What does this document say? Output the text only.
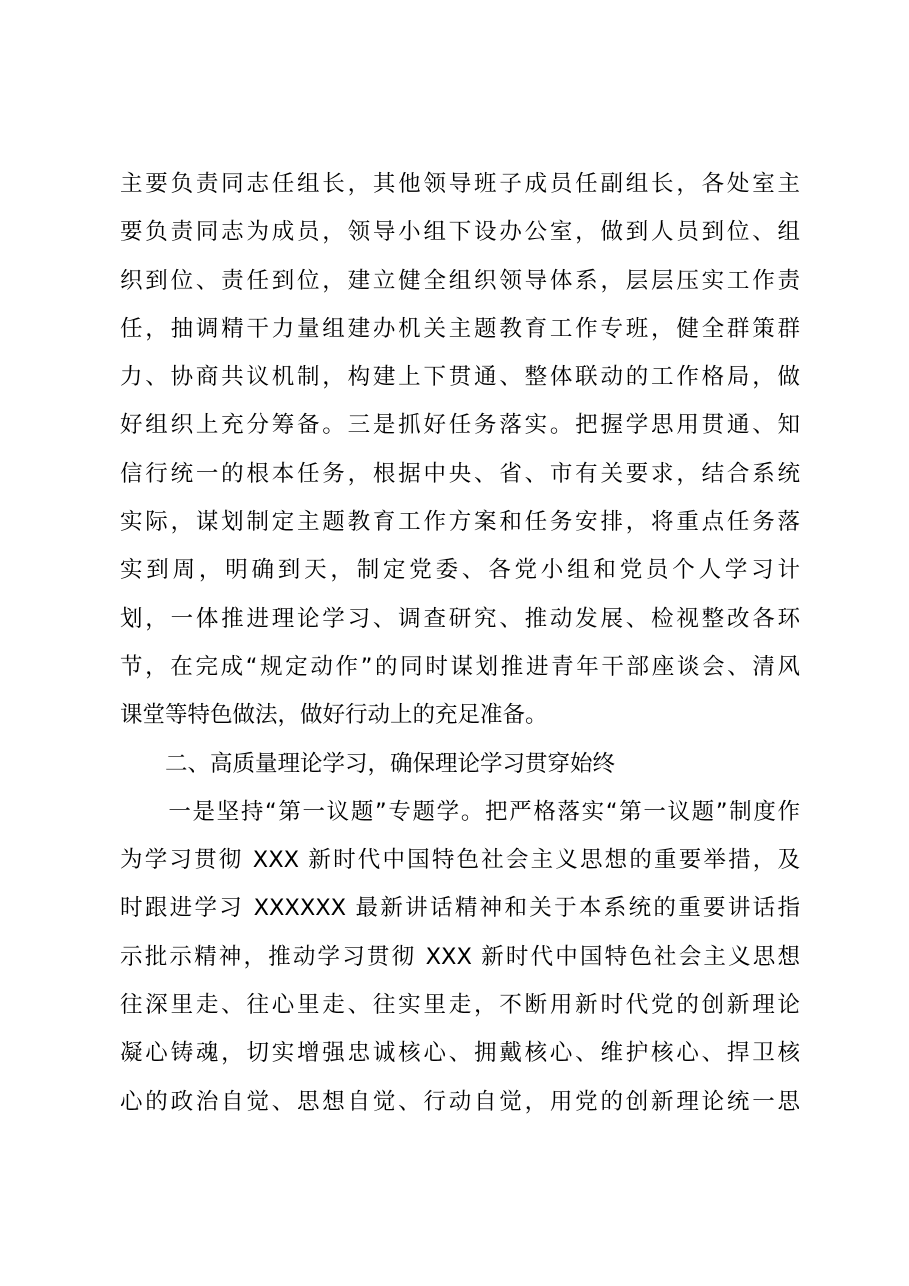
主要负责同志任组长，其他领导班子成员任副组长，各处室主
要负责同志为成员，领导小组下设办公室，做到人员到位、组
织到位、责任到位，建立健全组织领导体系，层层压实工作责
任，抽调精干力量组建办机关主题教育工作专班，健全群策群
力、协商共议机制，构建上下贯通、整体联动的工作格局，做
好组织上充分筹备。三是抓好任务落实。把握学思用贯通、知
信行统一的根本任务，根据中央、省、市有关要求，结合系统
实际，谋划制定主题教育工作方案和任务安排，将重点任务落
实到周，明确到天，制定党委、各党小组和党员个人学习计
划，一体推进理论学习、调查研究、推动发展、检视整改各环
节，在完成“规定动作”的同时谋划推进青年干部座谈会、清风
课堂等特色做法，做好行动上的充足准备。
　　二、高质量理论学习，确保理论学习贯穿始终
　　一是坚持“第一议题”专题学。把严格落实“第一议题”制度作
为学习贯彻 XXX 新时代中国特色社会主义思想的重要举措，及
时跟进学习 XXXXXX 最新讲话精神和关于本系统的重要讲话指
示批示精神，推动学习贯彻 XXX 新时代中国特色社会主义思想
往深里走、往心里走、往实里走，不断用新时代党的创新理论
凝心铸魂，切实增强忠诚核心、拥戴核心、维护核心、捍卫核
心的政治自觉、思想自觉、行动自觉，用党的创新理论统一思
